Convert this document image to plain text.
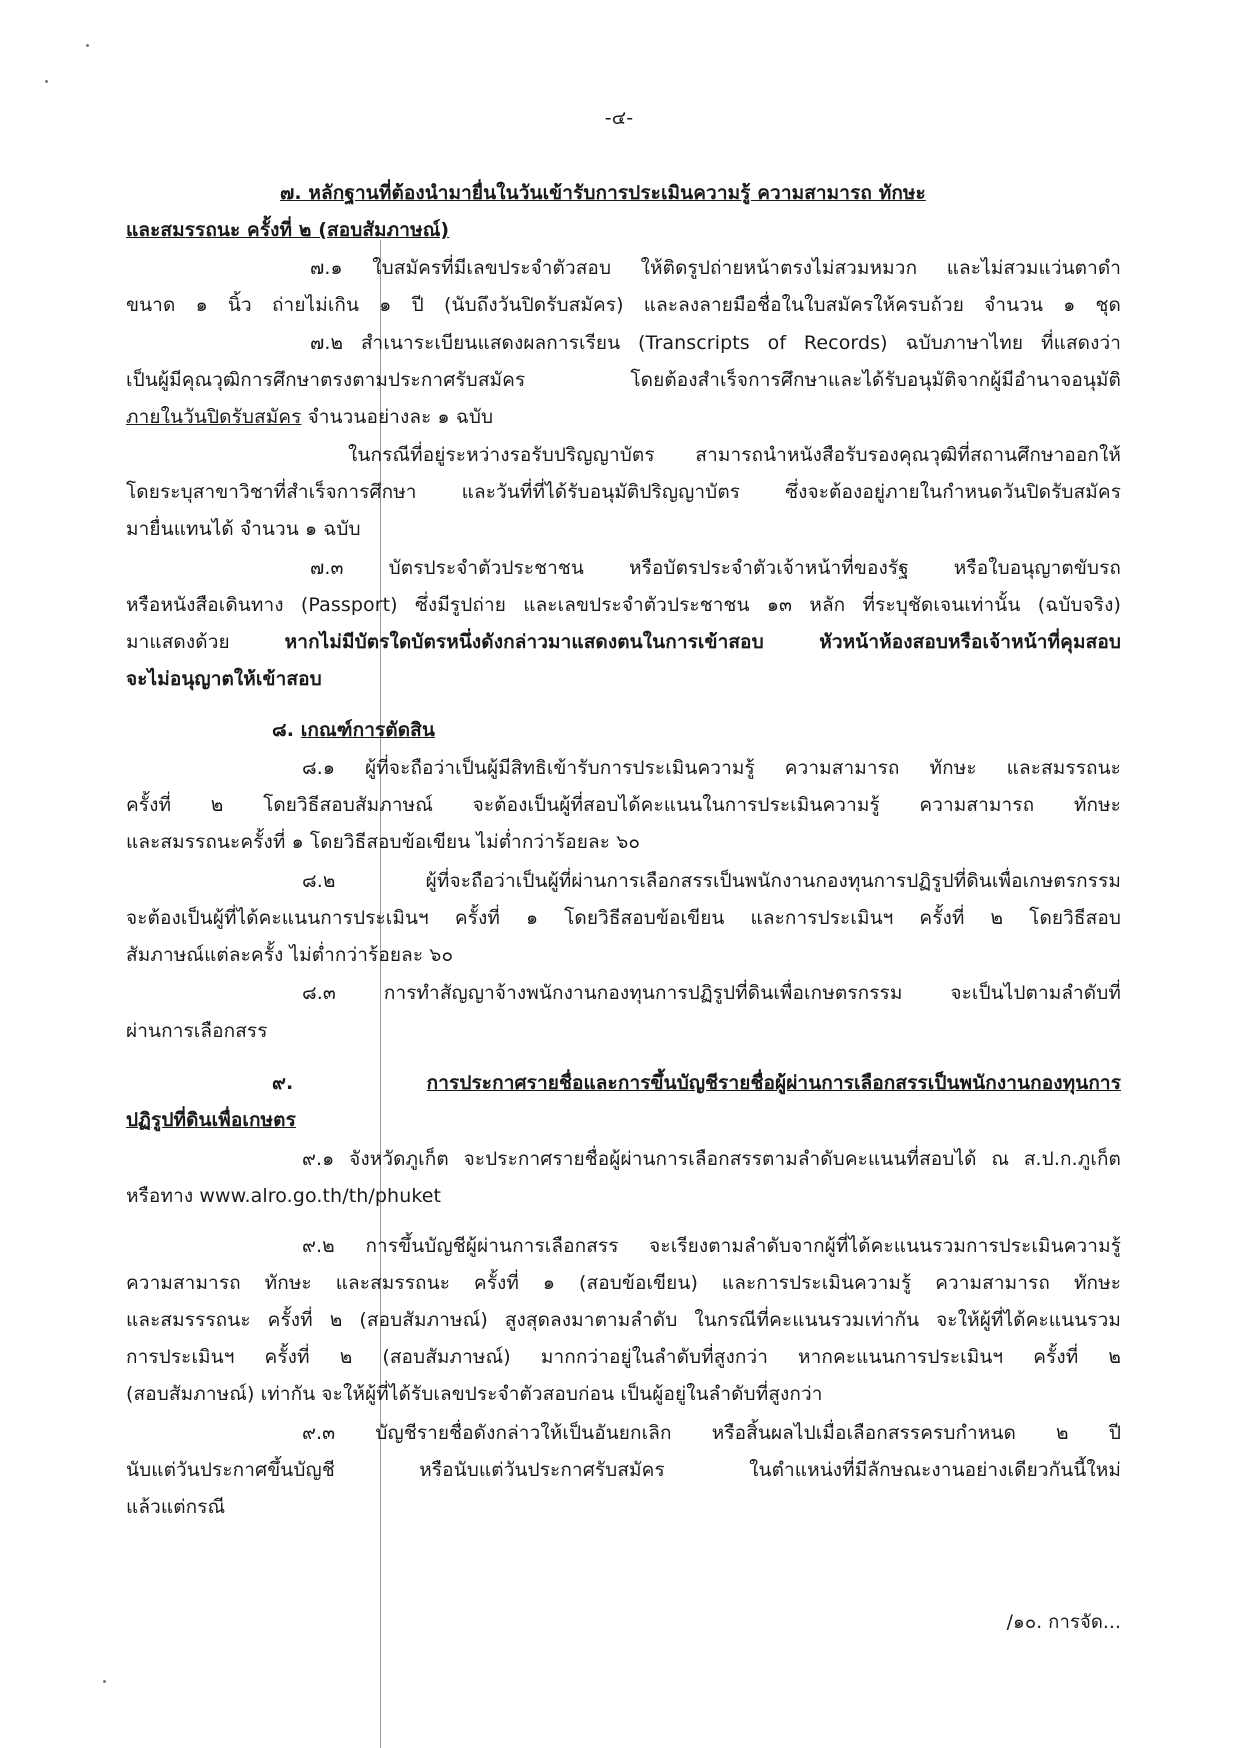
-๔-

๗. หลักฐานที่ต้องนำมายื่นในวันเข้ารับการประเมินความรู้ ความสามารถ ทักษะ

และสมรรถนะ ครั้งที่ ๒ (สอบสัมภาษณ์)

๗.๑ ใบสมัครที่มีเลขประจำตัวสอบ ให้ติดรูปถ่ายหน้าตรงไม่สวมหมวก และไม่สวมแว่นตาดำ

ขนาด ๑ นิ้ว ถ่ายไม่เกิน ๑ ปี (นับถึงวันปิดรับสมัคร) และลงลายมือชื่อในใบสมัครให้ครบถ้วย จำนวน ๑ ชุด

๗.๒ สำเนาระเบียนแสดงผลการเรียน (Transcripts of Records) ฉบับภาษาไทย ที่แสดงว่า

เป็นผู้มีคุณวุฒิการศึกษาตรงตามประกาศรับสมัคร โดยต้องสำเร็จการศึกษาและได้รับอนุมัติจากผู้มีอำนาจอนุมัติ

ภายในวันปิดรับสมัคร จำนวนอย่างละ ๑ ฉบับ

ในกรณีที่อยู่ระหว่างรอรับปริญญาบัตร สามารถนำหนังสือรับรองคุณวุฒิที่สถานศึกษาออกให้

โดยระบุสาขาวิชาที่สำเร็จการศึกษา และวันที่ที่ได้รับอนุมัติปริญญาบัตร ซึ่งจะต้องอยู่ภายในกำหนดวันปิดรับสมัคร

มายื่นแทนได้ จำนวน ๑ ฉบับ

๗.๓ บัตรประจำตัวประชาชน หรือบัตรประจำตัวเจ้าหน้าที่ของรัฐ หรือใบอนุญาตขับรถ

หรือหนังสือเดินทาง (Passport) ซึ่งมีรูปถ่าย และเลขประจำตัวประชาชน ๑๓ หลัก ที่ระบุชัดเจนเท่านั้น (ฉบับจริง)

มาแสดงด้วย หากไม่มีบัตรใดบัตรหนึ่งดังกล่าวมาแสดงตนในการเข้าสอบ หัวหน้าห้องสอบหรือเจ้าหน้าที่คุมสอบ

จะไม่อนุญาตให้เข้าสอบ

๘. เกณฑ์การตัดสิน

๘.๑ ผู้ที่จะถือว่าเป็นผู้มีสิทธิเข้ารับการประเมินความรู้ ความสามารถ ทักษะ และสมรรถนะ

ครั้งที่ ๒ โดยวิธีสอบสัมภาษณ์ จะต้องเป็นผู้ที่สอบได้คะแนนในการประเมินความรู้ ความสามารถ ทักษะ

และสมรรถนะครั้งที่ ๑ โดยวิธีสอบข้อเขียน ไม่ต่ำกว่าร้อยละ ๖๐

๘.๒ ผู้ที่จะถือว่าเป็นผู้ที่ผ่านการเลือกสรรเป็นพนักงานกองทุนการปฏิรูปที่ดินเพื่อเกษตรกรรม

จะต้องเป็นผู้ที่ได้คะแนนการประเมินฯ ครั้งที่ ๑ โดยวิธีสอบข้อเขียน และการประเมินฯ ครั้งที่ ๒ โดยวิธีสอบ

สัมภาษณ์แต่ละครั้ง ไม่ต่ำกว่าร้อยละ ๖๐

๘.๓ การทำสัญญาจ้างพนักงานกองทุนการปฏิรูปที่ดินเพื่อเกษตรกรรม จะเป็นไปตามลำดับที่

ผ่านการเลือกสรร

๙. การประกาศรายชื่อและการขึ้นบัญชีรายชื่อผู้ผ่านการเลือกสรรเป็นพนักงานกองทุนการ

ปฏิรูปที่ดินเพื่อเกษตร

๙.๑ จังหวัดภูเก็ต จะประกาศรายชื่อผู้ผ่านการเลือกสรรตามลำดับคะแนนที่สอบได้ ณ ส.ป.ก.ภูเก็ต

หรือทาง www.alro.go.th/th/phuket

๙.๒ การขึ้นบัญชีผู้ผ่านการเลือกสรร จะเรียงตามลำดับจากผู้ที่ได้คะแนนรวมการประเมินความรู้

ความสามารถ ทักษะ และสมรรถนะ ครั้งที่ ๑ (สอบข้อเขียน) และการประเมินความรู้ ความสามารถ ทักษะ

และสมรรรถนะ ครั้งที่ ๒ (สอบสัมภาษณ์) สูงสุดลงมาตามลำดับ ในกรณีที่คะแนนรวมเท่ากัน จะให้ผู้ที่ได้คะแนนรวม

การประเมินฯ ครั้งที่ ๒ (สอบสัมภาษณ์) มากกว่าอยู่ในลำดับที่สูงกว่า หากคะแนนการประเมินฯ ครั้งที่ ๒

(สอบสัมภาษณ์) เท่ากัน จะให้ผู้ที่ได้รับเลขประจำตัวสอบก่อน เป็นผู้อยู่ในลำดับที่สูงกว่า

๙.๓ บัญชีรายชื่อดังกล่าวให้เป็นอันยกเลิก หรือสิ้นผลไปเมื่อเลือกสรรครบกำหนด ๒ ปี

นับแต่วันประกาศขึ้นบัญชี หรือนับแต่วันประกาศรับสมัคร ในตำแหน่งที่มีลักษณะงานอย่างเดียวกันนี้ใหม่

แล้วแต่กรณี

/๑๐. การจัด...
